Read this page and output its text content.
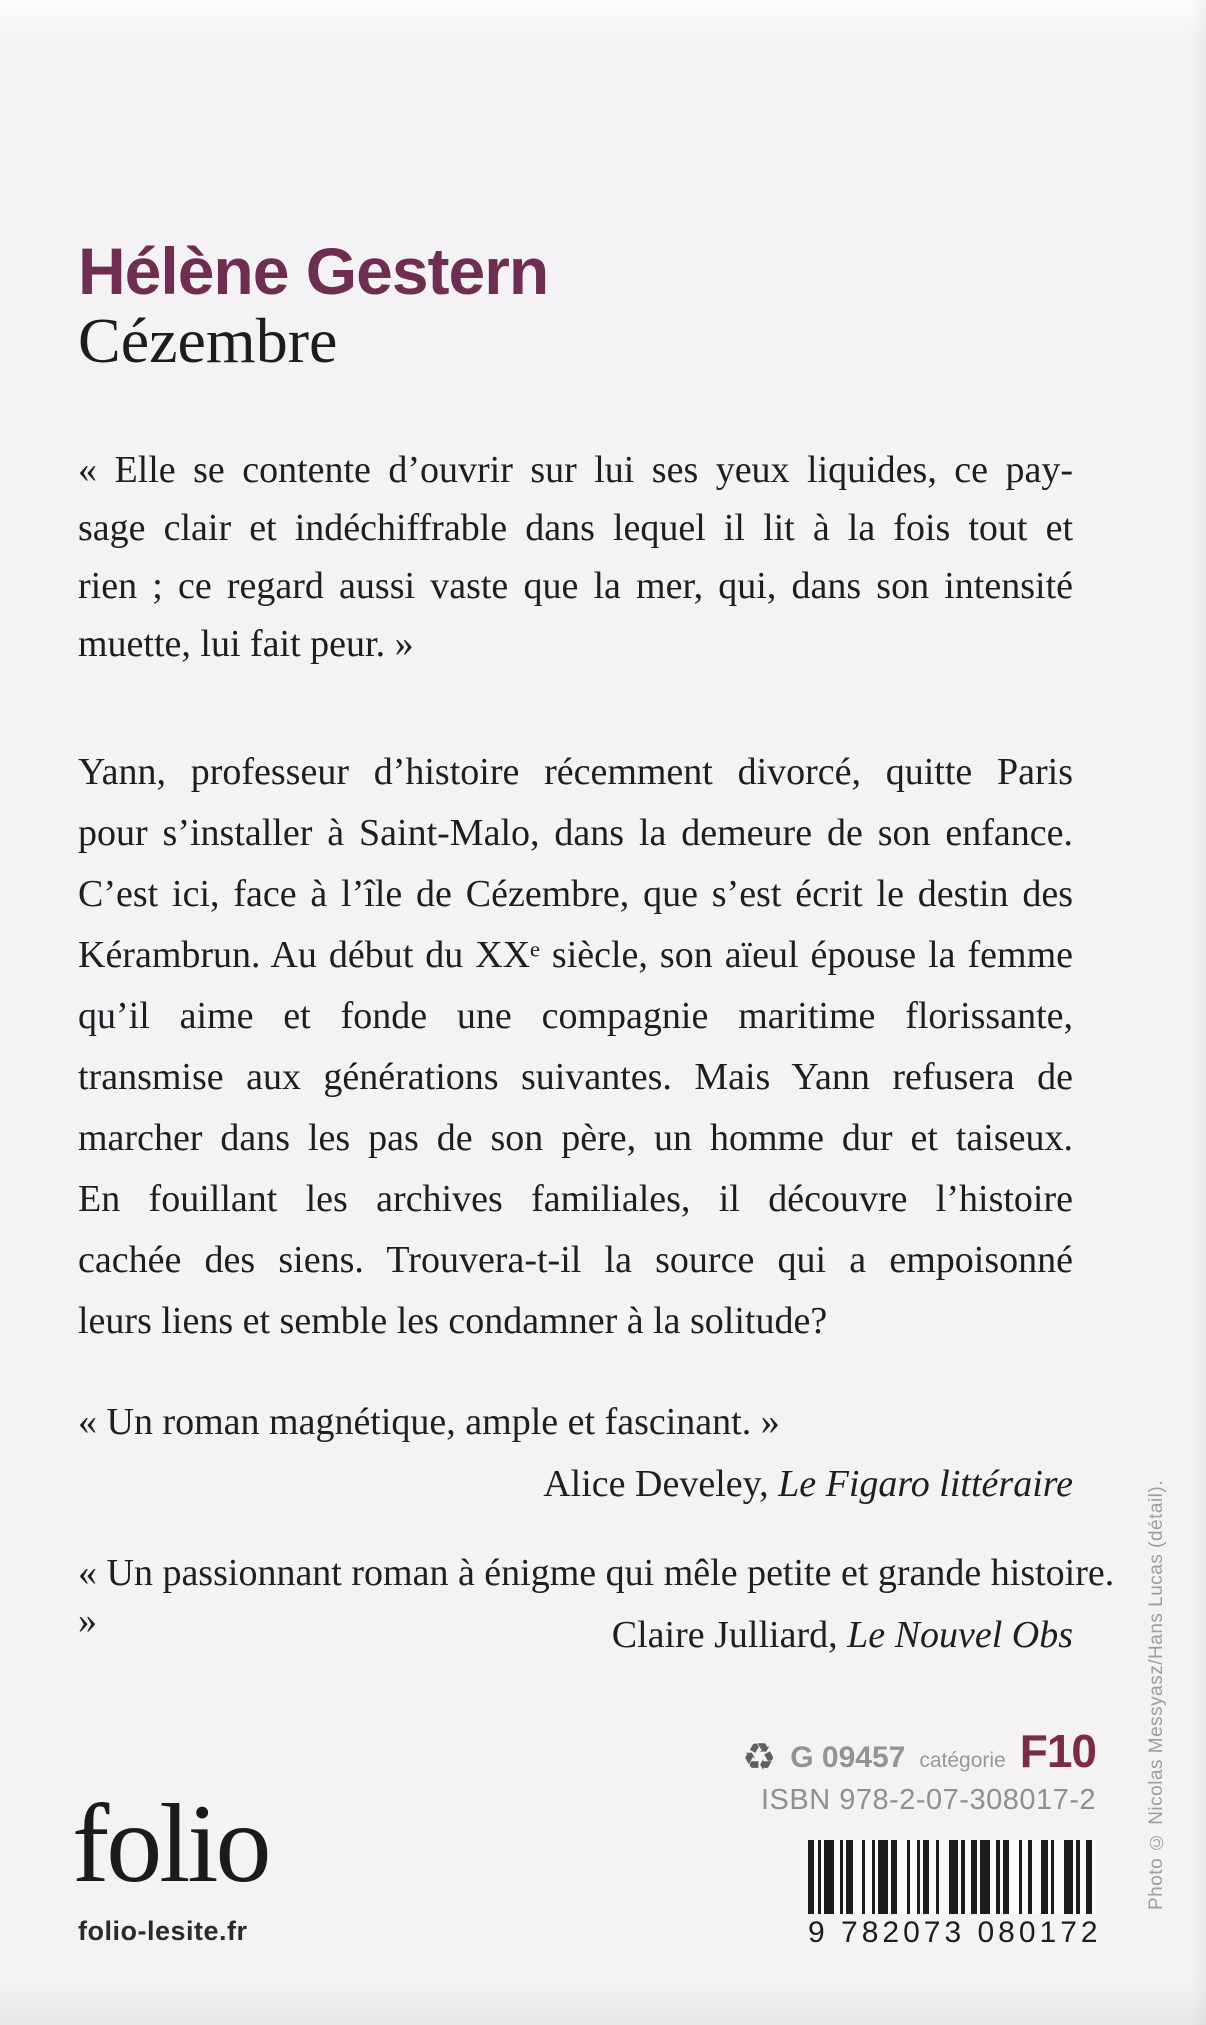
Hélène Gestern
Cézembre
« Elle se contente d’ouvrir sur lui ses yeux liquides, ce pay-
sage clair et indéchiffrable dans lequel il lit à la fois tout et
rien ; ce regard aussi vaste que la mer, qui, dans son intensité
muette, lui fait peur. »
Yann, professeur d’histoire récemment divorcé, quitte Paris
pour s’installer à Saint-Malo, dans la demeure de son enfance.
C’est ici, face à l’île de Cézembre, que s’est écrit le destin des
Kérambrun. Au début du XXᵉ siècle, son aïeul épouse la femme
qu’il aime et fonde une compagnie maritime florissante,
transmise aux générations suivantes. Mais Yann refusera de
marcher dans les pas de son père, un homme dur et taiseux.
En fouillant les archives familiales, il découvre l’histoire
cachée des siens. Trouvera-t-il la source qui a empoisonné
leurs liens et semble les condamner à la solitude?
« Un roman magnétique, ample et fascinant. »
Alice Develey, Le Figaro littéraire
« Un passionnant roman à énigme qui mêle petite et grande histoire. »	Claire Julliard, Le Nouvel Obs
folio
folio-lesite.fr
♻ G 09457 catégorie F10
ISBN 978-2-07-308017-2
9 782073 080172
Photo © Nicolas Messyasz/Hans Lucas (détail).
